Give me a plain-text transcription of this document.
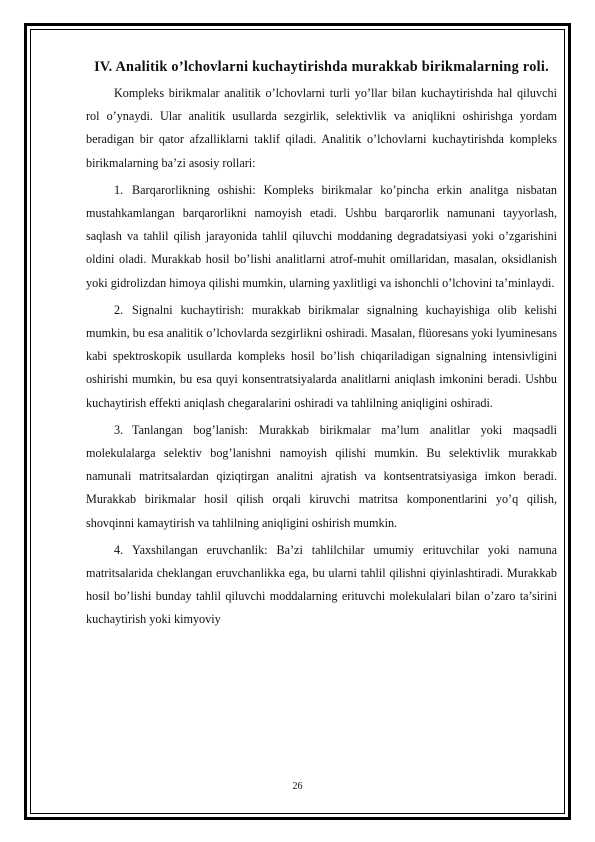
IV. Analitik o’lchovlarni kuchaytirishda murakkab birikmalarning roli.

Kompleks birikmalar analitik o’lchovlarni turli yo’llar bilan kuchaytirishda hal qiluvchi rol o’ynaydi. Ular analitik usullarda sezgirlik, selektivlik va aniqlikni oshirishga yordam beradigan bir qator afzalliklarni taklif qiladi. Analitik o’lchovlarni kuchaytirishda kompleks birikmalarning ba’zi asosiy rollari:

1. Barqarorlikning oshishi: Kompleks birikmalar ko’pincha erkin analitga nisbatan mustahkamlangan barqarorlikni namoyish etadi. Ushbu barqarorlik namunani tayyorlash, saqlash va tahlil qilish jarayonida tahlil qiluvchi moddaning degradatsiyasi yoki o’zgarishini oldini oladi. Murakkab hosil bo’lishi analitlarni atrof-muhit omillaridan, masalan, oksidlanish yoki gidrolizdan himoya qilishi mumkin, ularning yaxlitligi va ishonchli o’lchovini ta’minlaydi.

2. Signalni kuchaytirish: murakkab birikmalar signalning kuchayishiga olib kelishi mumkin, bu esa analitik o’lchovlarda sezgirlikni oshiradi. Masalan, flüoresans yoki lyuminesans kabi spektroskopik usullarda kompleks hosil bo’lish chiqariladigan signalning intensivligini oshirishi mumkin, bu esa quyi konsentratsiyalarda analitlarni aniqlash imkonini beradi. Ushbu kuchaytirish effekti aniqlash chegaralarini oshiradi va tahlilning aniqligini oshiradi.

3. Tanlangan bog’lanish: Murakkab birikmalar ma’lum analitlar yoki maqsadli molekulalarga selektiv bog’lanishni namoyish qilishi mumkin. Bu selektivlik murakkab namunali matritsalardan qiziqtirgan analitni ajratish va kontsentratsiyasiga imkon beradi. Murakkab birikmalar hosil qilish orqali kiruvchi matritsa komponentlarini yo’q qilish, shovqinni kamaytirish va tahlilning aniqligini oshirish mumkin.

4. Yaxshilangan eruvchanlik: Ba’zi tahlilchilar umumiy erituvchilar yoki namuna matritsalarida cheklangan eruvchanlikka ega, bu ularni tahlil qilishni qiyinlashtiradi. Murakkab hosil bo’lishi bunday tahlil qiluvchi moddalarning erituvchi molekulalari bilan o’zaro ta’sirini kuchaytirish yoki kimyoviy

26
